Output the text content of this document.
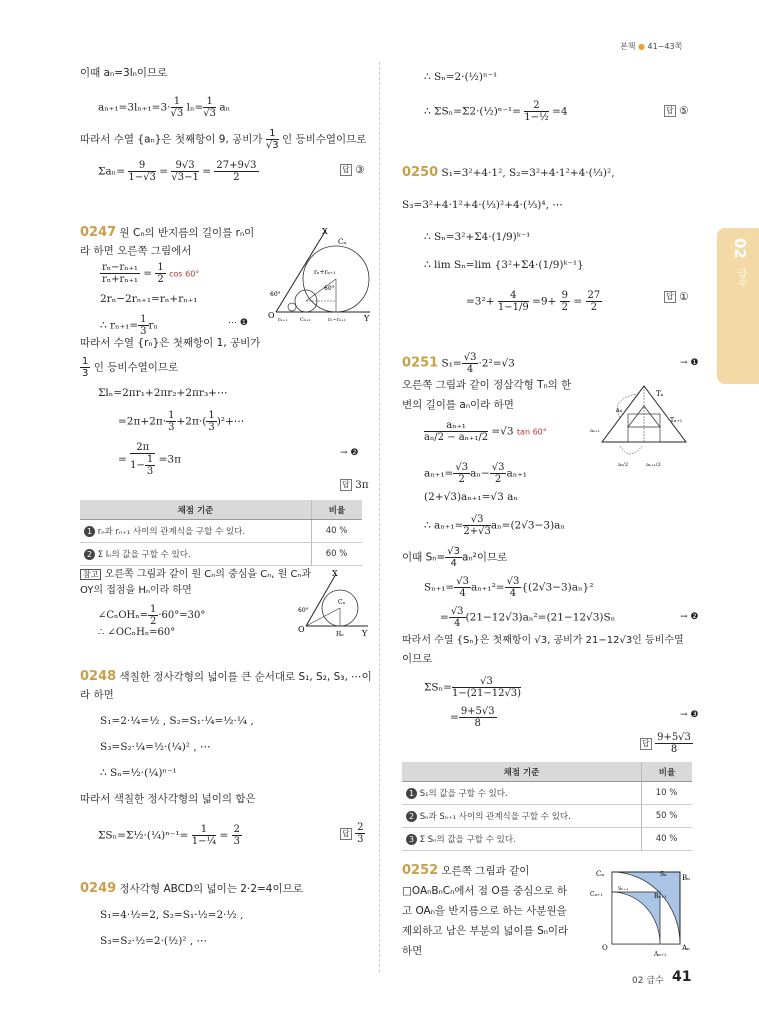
본책 ● 41~43쪽
02
급수
이때 aₙ=3lₙ이므로
$a_{n+1}=3l_{n+1}=3\cdot \frac{1}{√3} l_n= \frac{1}{√3}$ aₙ
따라서 수열 {aₙ}은 첫째항이 9, 공비가 $\frac{1}{√3}$ 인 등비수열이므로
$\Sigma a_n= \frac{9}{1-√3} = \frac{9√3}{√3-1} = \frac{27+9√3}{2}$	답 ③
0247 원 Cₙ의 반지름의 길이를 rₙ이
라 하면 오른쪽 그림에서
$\frac{\text{rₙ−rₙ₊₁}}{\text{rₙ+rₙ₊₁}} = \frac{1}{2}$ cos 60°
2rₙ−2rₙ₊₁=rₙ+rₙ₊₁
∴ $r_{n+1}= \frac{1}{3}$ rₙ	⋯ ❶
따라서 수열 {rₙ}은 첫째항이 1, 공비가
$\frac{1}{3}$ 인 등비수열이므로
Σlₙ=2πr₁+2πr₂+2πr₃+⋯
$=2\pi+2\pi\cdot \frac{1}{3} +2\pi\cdot( \frac{1}{3}$ )²+⋯
= $\frac{2\pi}{1- \frac{1}{3}} =3\pi$
→ ❷
답 3π
X
Y
O
Cₙ
60°
60°
rₙ+rₙ₊₁
rₙ₊₁	Cₙ₊₁	rₙ−rₙ₊₁
채점 기준	비율
1 rₙ과 rₙ₊₁ 사이의 관계식을 구할 수 있다.	40 %
2 Σ lₙ의 값을 구할 수 있다.	60 %
참고 오른쪽 그림과 같이 원 Cₙ의 중심을 Cₙ, 원 Cₙ과
OY의 접점을 Hₙ이라 하면
∠CₙOHₙ= $\frac{1}{2} \cdot 60^\circ=30^\circ$
∴ ∠OCₙHₙ=60°
X
Y
O
Cₙ
Hₙ
60°
0248 색칠한 정사각형의 넓이를 큰 순서대로 S₁, S₂, S₃, ⋯이
라 하면
S₁=2·¼=½ , S₂=S₁·¼=½·¼ ,
S₃=S₂·¼=½·(¼)² , ⋯
∴ Sₙ=½·(¼)ⁿ⁻¹
따라서 색칠한 정사각형의 넓이의 합은
ΣSₙ=Σ½·(¼)ⁿ⁻¹= $\frac{1}{\text{1−¼}} = \frac{2}{3}$	답 $\frac{2}{3}$
0249 정사각형 ABCD의 넓이는 2·2=4이므로
S₁=4·½=2, S₂=S₁·½=2·½ ,
S₃=S₂·½=2·(½)² , ⋯
∴ Sₙ=2·(½)ⁿ⁻¹
∴ ΣSₙ=Σ2·(½)ⁿ⁻¹= $\frac{2}{\text{1−½}} =4$	답 ⑤
0250 S₁=3²+4·1², S₂=3²+4·1²+4·(⅓)²,
S₃=3²+4·1²+4·(⅓)²+4·(⅓)⁴, ⋯
∴ Sₙ=3²+Σ4·(1/9)ᵏ⁻¹
∴ lim Sₙ=lim {3²+Σ4·(1/9)ᵏ⁻¹}
$=3^2+ \frac{4}{1-1/9} =9+ \frac{9}{2} = \frac{27}{2}$	답 ①
0251 $S_1= \frac{√3}{4} \cdot 2^2=√3$	→ ❶
오른쪽 그림과 같이 정삼각형 Tₙ의 한
변의 길이를 aₙ이라 하면
$\frac{\text{aₙ₊₁}}{\text{aₙ/2 − aₙ₊₁/2}} =√3$ tan 60°
$a_{n+1}= \frac{√3}{2} a_n- \frac{√3}{2} a_{n+1}$
(2+√3)aₙ₊₁=√3 aₙ
∴ $a_{n+1}= \frac{√3}{2+√3} a_n=(2√3-3)a_n$
이때 $S_n= \frac{√3}{4} a_n^2$이므로
$S_{n+1}= \frac{√3}{4} a_{n+1}^2= \frac{√3}{4} \{(2√3-3)a_n\}^2$
= $\frac{√3}{4} (21-12√3)a_n^2=(21-12√3)S_n$	→ ❷
따라서 수열 {Sₙ}은 첫째항이 √3, 공비가 21−12√3인 등비수열
이므로
$\Sigma S_n= \frac{√3}{1-(21-12√3)}$
= $\frac{9+5√3}{8}$	→ ❸
답 $\frac{9+5√3}{8}$
Tₙ
Tₙ₊₁
aₙ
aₙ₊₁
aₙ/2	aₙ₊₁/2
채점 기준	비율
1 S₁의 값을 구할 수 있다.	10 %
2 Sₙ과 Sₙ₊₁ 사이의 관계식을 구할 수 있다.	50 %
3 Σ Sₙ의 값을 구할 수 있다.	40 %
0252 오른쪽 그림과 같이
□OAₙBₙCₙ에서 점 O를 중심으로 하
고 OAₙ을 반지름으로 하는 사분원을
제외하고 남은 부분의 넓이를 Sₙ이라
하면
Cₙ	Bₙ
Sₙ
Cₙ₊₁
Sₙ₊₁
Bₙ₊₁
O	Aₙ
Aₙ₊₁
02 급수 41
